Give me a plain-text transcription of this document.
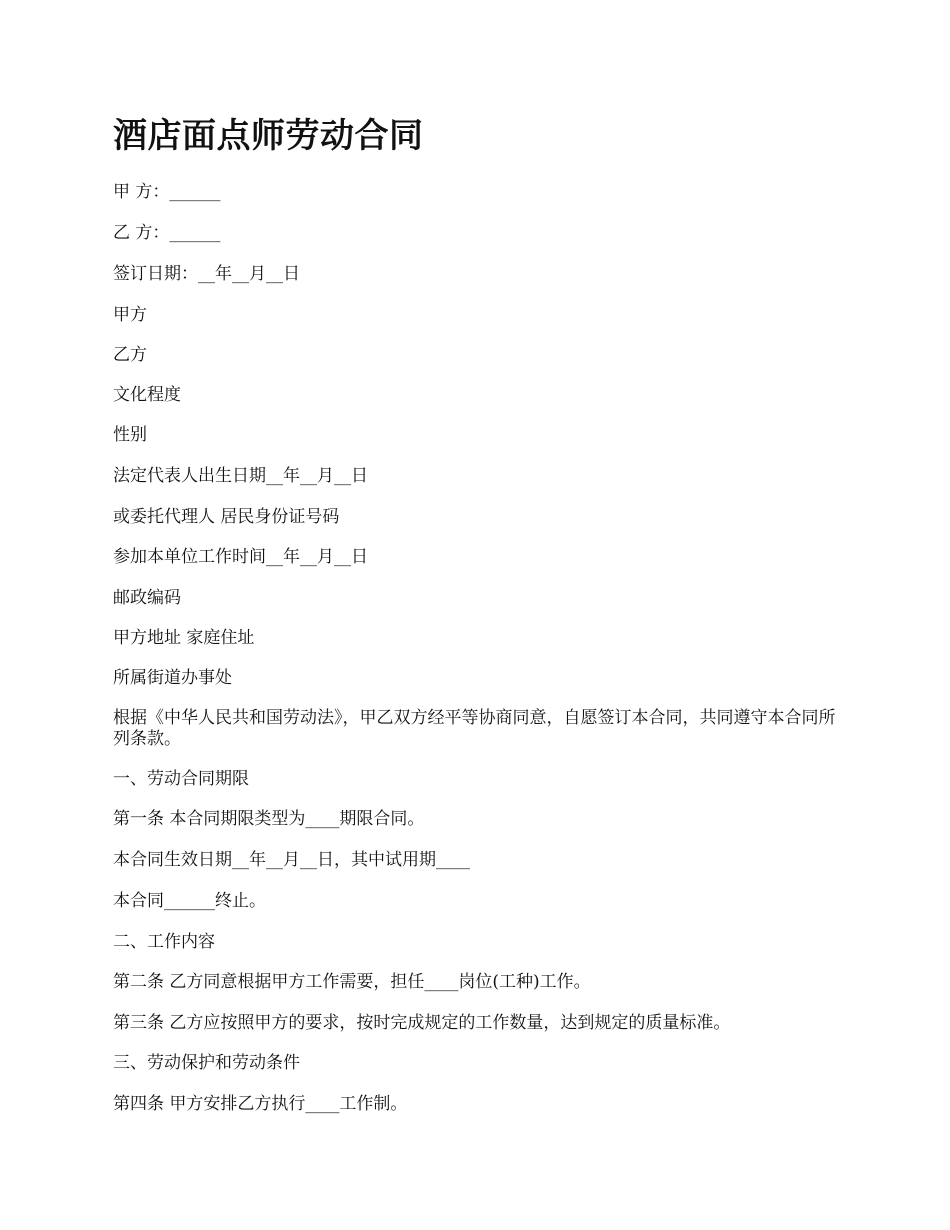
酒店面点师劳动合同

甲 方：______

乙 方：______

签订日期：__年__月__日

甲方

乙方

文化程度

性别

法定代表人出生日期__年__月__日

或委托代理人 居民身份证号码

参加本单位工作时间__年__月__日

邮政编码

甲方地址 家庭住址

所属街道办事处

根据《中华人民共和国劳动法》，甲乙双方经平等协商同意，自愿签订本合同，共同遵守本合同所列条款。

一、劳动合同期限

第一条 本合同期限类型为____期限合同。

本合同生效日期__年__月__日，其中试用期____

本合同______终止。

二、工作内容

第二条 乙方同意根据甲方工作需要，担任____岗位(工种)工作。

第三条 乙方应按照甲方的要求，按时完成规定的工作数量，达到规定的质量标准。

三、劳动保护和劳动条件

第四条 甲方安排乙方执行____工作制。
